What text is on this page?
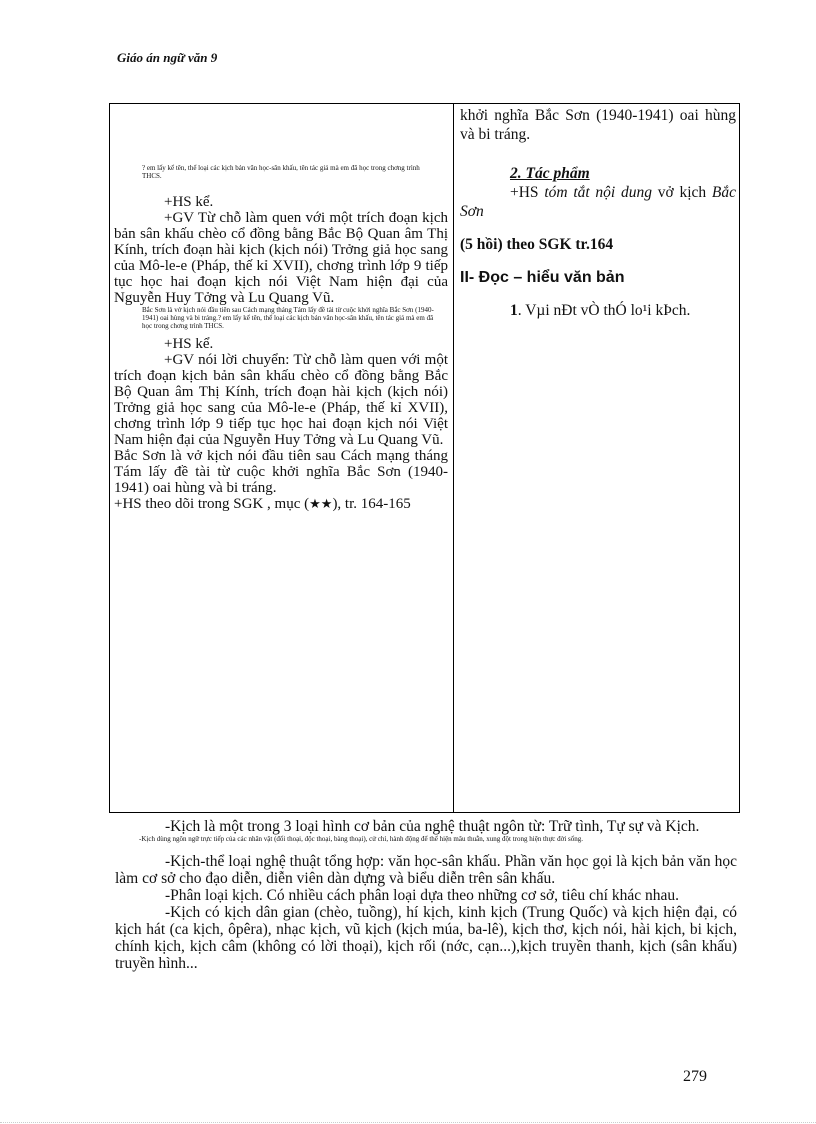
Giáo án ngữ văn 9

? em lấy kể tên, thể loại các kịch bản văn học-sân khấu, tên tác giả mà em đã học trong chơng trình THCS.

+HS kể.

+GV Từ chỗ làm quen với một trích đoạn kịch bản sân khấu chèo cổ đồng bằng Bắc Bộ Quan âm Thị Kính, trích đoạn hài kịch (kịch nói) Trởng giả học sang của Mô-le-e (Pháp, thế kỉ XVII), chơng trình lớp 9 tiếp tục học hai đoạn kịch nói Việt Nam hiện đại của Nguyễn Huy Tởng và Lu Quang Vũ.

Bắc Sơn là vở kịch nói đầu tiên sau Cách mạng tháng Tám lấy đề tài từ cuộc khởi nghĩa Bắc Sơn (1940-1941) oai hùng và bi tráng.? em lấy kể tên, thể loại các kịch bản văn học-sân khấu, tên tác giả mà em đã học trong chơng trình THCS.

+HS kể.

+GV nói lời chuyển: Từ chỗ làm quen với một trích đoạn kịch bản sân khấu chèo cổ đồng bằng Bắc Bộ Quan âm Thị Kính, trích đoạn hài kịch (kịch nói) Trởng giả học sang của Mô-le-e (Pháp, thế kỉ XVII), chơng trình lớp 9 tiếp tục học hai đoạn kịch nói Việt Nam hiện đại của Nguyễn Huy Tởng và Lu Quang Vũ.

Bắc Sơn là vở kịch nói đầu tiên sau Cách mạng tháng Tám lấy đề tài từ cuộc khởi nghĩa Bắc Sơn (1940-1941) oai hùng và bi tráng.

+HS theo dõi trong SGK , mục (★★), tr. 164-165

khởi nghĩa Bắc Sơn (1940-1941) oai hùng và bi tráng.

2. Tác phẩm

+HS tóm tắt nội dung vở kịch Bắc Sơn

(5 hồi) theo SGK tr.164

II- Đọc – hiểu văn bản

1. Vµi nÐt vÒ thÓ lo¹i kÞch.

-Kịch là một trong 3 loại hình cơ bản của nghệ thuật ngôn từ: Trữ tình, Tự sự và Kịch.

-Kịch dùng ngôn ngữ trực tiếp của các nhân vật (đối thoại, độc thoại, bàng thoại), cử chỉ, hành động để thể hiện mâu thuẫn, xung đột trong hiện thực đời sống.

-Kịch-thể loại nghệ thuật tổng hợp: văn học-sân khấu. Phần văn học gọi là kịch bản văn học làm cơ sở cho đạo diễn, diễn viên dàn dựng và biểu diễn trên sân khấu.

-Phân loại kịch. Có nhiều cách phân loại dựa theo những cơ sở, tiêu chí khác nhau.

-Kịch có kịch dân gian (chèo, tuồng), hí kịch, kinh kịch (Trung Quốc) và kịch hiện đại, có kịch hát (ca kịch, ôpêra), nhạc kịch, vũ kịch (kịch múa, ba-lê), kịch thơ, kịch nói, hài kịch, bi kịch, chính kịch, kịch câm (không có lời thoại), kịch rối (nớc, cạn...),kịch truyền thanh, kịch (sân khấu) truyền hình...

279
